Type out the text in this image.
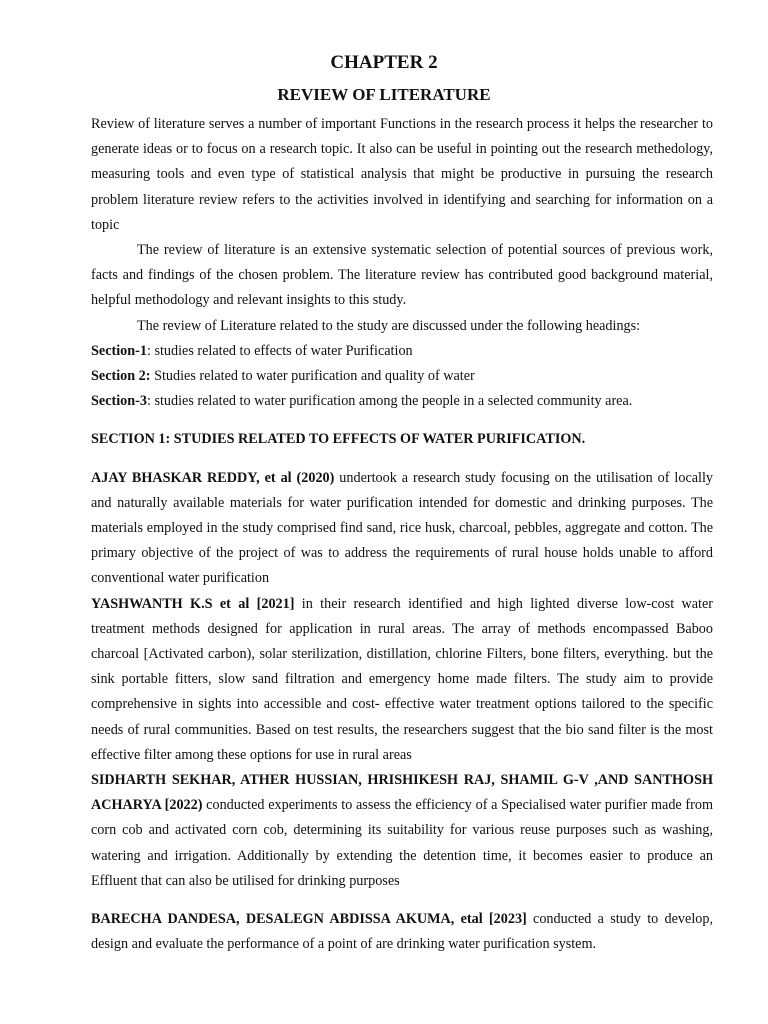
CHAPTER 2
REVIEW OF LITERATURE

Review of literature serves a number of important Functions in the research process it helps the researcher to generate ideas or to focus on a research topic. It also can be useful in pointing out the research methedology, measuring tools and even type of statistical analysis that might be productive in pursuing the research problem literature review refers to the activities involved in identifying and searching for information on a topic

The review of literature is an extensive systematic selection of potential sources of previous work, facts and findings of the chosen problem. The literature review has contributed good background material, helpful methodology and relevant insights to this study.

The review of Literature related to the study are discussed under the following headings:

Section-1: studies related to effects of water Purification

Section 2: Studies related to water purification and quality of water

Section-3: studies related to water purification among the people in a selected community area.

SECTION 1: STUDIES RELATED TO EFFECTS OF WATER PURIFICATION.

AJAY BHASKAR REDDY, et al (2020) undertook a research study focusing on the utilisation of locally and naturally available materials for water purification intended for domestic and drinking purposes. The materials employed in the study comprised find sand, rice husk, charcoal, pebbles, aggregate and cotton. The primary objective of the project of was to address the requirements of rural house holds unable to afford conventional water purification

YASHWANTH K.S et al [2021] in their research identified and high lighted diverse low-cost water treatment methods designed for application in rural areas. The array of methods encompassed Baboo charcoal [Activated carbon), solar sterilization, distillation, chlorine Filters, bone filters, everything. but the sink portable fitters, slow sand filtration and emergency home made filters. The study aim to provide comprehensive in sights into accessible and cost- effective water treatment options tailored to the specific needs of rural communities. Based on test results, the researchers suggest that the bio sand filter is the most effective filter among these options for use in rural areas

SIDHARTH SEKHAR, ATHER HUSSIAN, HRISHIKESH RAJ, SHAMIL G-V ,AND SANTHOSH ACHARYA [2022) conducted experiments to assess the efficiency of a Specialised water purifier made from corn cob and activated corn cob, determining its suitability for various reuse purposes such as washing, watering and irrigation. Additionally by extending the detention time, it becomes easier to produce an Effluent that can also be utilised for drinking purposes

BARECHA DANDESA, DESALEGN ABDISSA AKUMA, etal [2023] conducted a study to develop, design and evaluate the performance of a point of are drinking water purification system.
